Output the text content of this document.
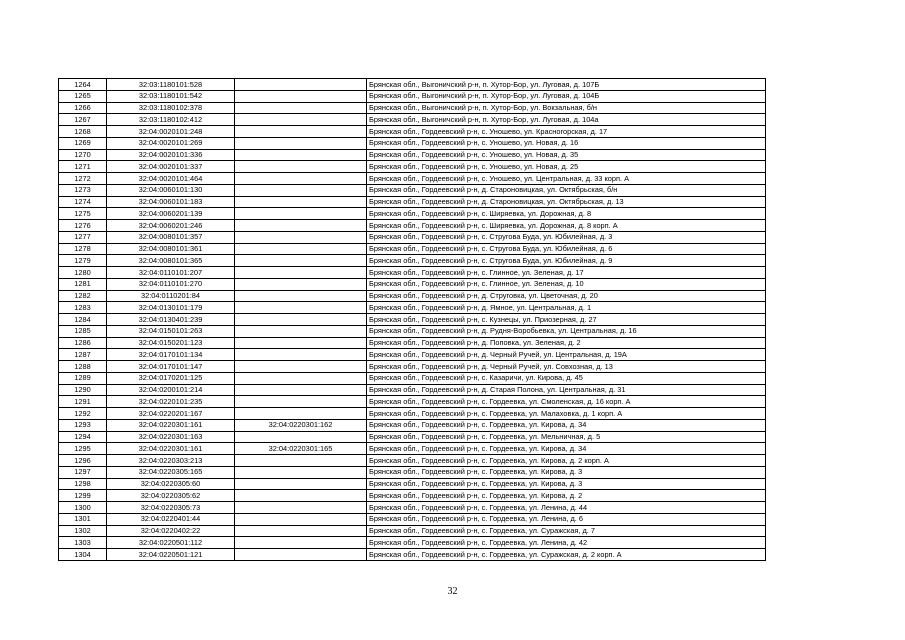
1264	32:03:1180101:528		Брянская обл., Выгоничский р-н, п. Хутор-Бор, ул. Луговая, д. 107Б
1265	32:03:1180101:542		Брянская обл., Выгоничский р-н, п. Хутор-Бор, ул. Луговая, д. 104Б
1266	32:03:1180102:378		Брянская обл., Выгоничский р-н, п. Хутор-Бор, ул. Вокзальная, б/н
1267	32:03:1180102:412		Брянская обл., Выгоничский р-н, п. Хутор-Бор, ул. Луговая, д. 104а
1268	32:04:0020101:248		Брянская обл., Гордеевский р-н, с. Уношево, ул. Красногорская, д. 17
1269	32:04:0020101:269		Брянская обл., Гордеевский р-н, с. Уношево, ул. Новая, д. 16
1270	32:04:0020101:336		Брянская обл., Гордеевский р-н, с. Уношево, ул. Новая, д. 35
1271	32:04:0020101:337		Брянская обл., Гордеевский р-н, с. Уношево, ул. Новая, д. 25
1272	32:04:0020101:464		Брянская обл., Гордеевский р-н, с. Уношево, ул. Центральная, д. 33 корп. А
1273	32:04:0060101:130		Брянская обл., Гордеевский р-н, д. Староновицкая, ул. Октябрьская, б/н
1274	32:04:0060101:183		Брянская обл., Гордеевский р-н, д. Староновицкая, ул. Октябрьская, д. 13
1275	32:04:0060201:139		Брянская обл., Гордеевский р-н, с. Ширяевка, ул. Дорожная, д. 8
1276	32:04:0060201:246		Брянская обл., Гордеевский р-н, с. Ширяевка, ул. Дорожная, д. 8 корп. А
1277	32:04:0080101:357		Брянская обл., Гордеевский р-н, с. Стругова Буда, ул. Юбилейная, д. 3
1278	32:04:0080101:361		Брянская обл., Гордеевский р-н, с. Стругова Буда, ул. Юбилейная, д. 6
1279	32:04:0080101:365		Брянская обл., Гордеевский р-н, с. Стругова Буда, ул. Юбилейная, д. 9
1280	32:04:0110101:207		Брянская обл., Гордеевский р-н, с. Глинное, ул. Зеленая, д. 17
1281	32:04:0110101:270		Брянская обл., Гордеевский р-н, с. Глинное, ул. Зеленая, д. 10
1282	32:04:0110201:84		Брянская обл., Гордеевский р-н, д. Струговка, ул. Цветочная, д. 20
1283	32:04:0130101:179		Брянская обл., Гордеевский р-н, д. Ямное, ул. Центральная, д. 1
1284	32:04:0130401:239		Брянская обл., Гордеевский р-н, с. Кузнецы, ул. Приозерная, д. 27
1285	32:04:0150101:263		Брянская обл., Гордеевский р-н, д. Рудня-Воробьевка, ул. Центральная, д. 16
1286	32:04:0150201:123		Брянская обл., Гордеевский р-н, д. Поповка, ул. Зеленая, д. 2
1287	32:04:0170101:134		Брянская обл., Гордеевский р-н, д. Черный Ручей, ул. Центральная, д. 19А
1288	32:04:0170101:147		Брянская обл., Гордеевский р-н, д. Черный Ручей, ул. Совхозная, д. 13
1289	32:04:0170201:125		Брянская обл., Гордеевский р-н, с. Казаричи, ул. Кирова, д. 45
1290	32:04:0200101:214		Брянская обл., Гордеевский р-н, д. Старая Полона, ул. Центральная, д. 31
1291	32:04:0220101:235		Брянская обл., Гордеевский р-н, с. Гордеевка, ул. Смоленская, д. 16 корп. А
1292	32:04:0220201:167		Брянская обл., Гордеевский р-н, с. Гордеевка, ул. Малаховка, д. 1 корп. А
1293	32:04:0220301:161	32:04:0220301:162	Брянская обл., Гордеевский р-н, с. Гордеевка, ул. Кирова, д. 34
1294	32:04:0220301:163		Брянская обл., Гордеевский р-н, с. Гордеевка, ул. Мельничная, д. 5
1295	32:04:0220301:161	32:04:0220301:165	Брянская обл., Гордеевский р-н, с. Гордеевка, ул. Кирова, д. 34
1296	32:04:0220303:213		Брянская обл., Гордеевский р-н, с. Гордеевка, ул. Кирова, д. 2 корп. А
1297	32:04:0220305:165		Брянская обл., Гордеевский р-н, с. Гордеевка, ул. Кирова, д. 3
1298	32:04:0220305:60		Брянская обл., Гордеевский р-н, с. Гордеевка, ул. Кирова, д. 3
1299	32:04:0220305:62		Брянская обл., Гордеевский р-н, с. Гордеевка, ул. Кирова, д. 2
1300	32:04:0220305:73		Брянская обл., Гордеевский р-н, с. Гордеевка, ул. Ленина, д. 44
1301	32:04:0220401:44		Брянская обл., Гордеевский р-н, с. Гордеевка, ул. Ленина, д. 6
1302	32:04:0220402:22		Брянская обл., Гордеевский р-н, с. Гордеевка, ул. Суражская, д. 7
1303	32:04:0220501:112		Брянская обл., Гордеевский р-н, с. Гордеевка, ул. Ленина, д. 42
1304	32:04:0220501:121		Брянская обл., Гордеевский р-н, с. Гордеевка, ул. Суражская, д. 2 корп. А
32
